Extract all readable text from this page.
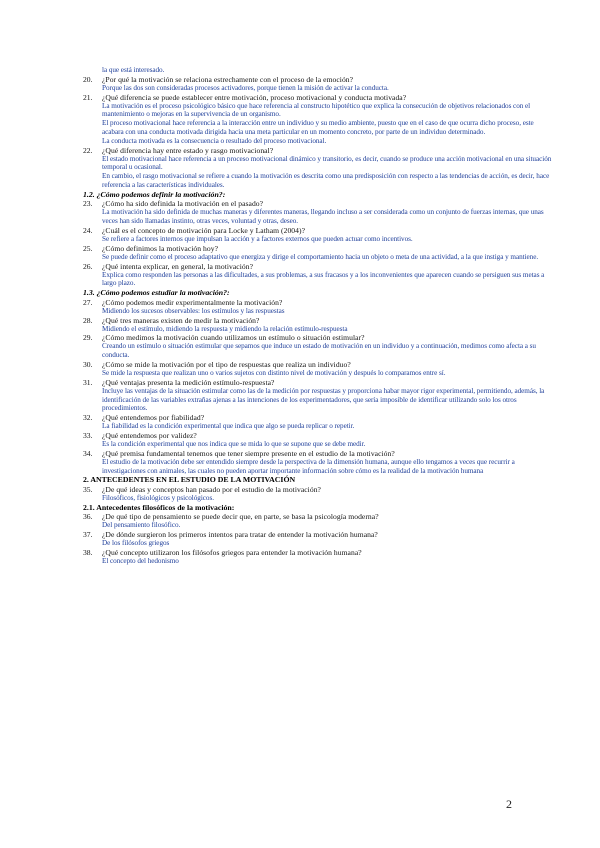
la que está interesado.
20. ¿Por qué la motivación se relaciona estrechamente con el proceso de la emoción?
Porque las dos son consideradas procesos activadores, porque tienen la misión de activar la conducta.
21. ¿Qué diferencia se puede establecer entre motivación, proceso motivacional y conducta motivada?
La motivación es el proceso psicológico básico que hace referencia al constructo hipotético que explica la consecución de objetivos relacionados con el mantenimiento o mejoras en la supervivencia de un organismo.
El proceso motivacional hace referencia a la interacción entre un individuo y su medio ambiente, puesto que en el caso de que ocurra dicho proceso, este acabara con una conducta motivada dirigida hacia una meta particular en un momento concreto, por parte de un individuo determinado.
La conducta motivada es la consecuencia o resultado del proceso motivacional.
22. ¿Qué diferencia hay entre estado y rasgo motivacional?
El estado motivacional hace referencia a un proceso motivacional dinámico y transitorio, es decir, cuando se produce una acción motivacional en una situación temporal u ocasional.
En cambio, el rasgo motivacional se refiere a cuando la motivación es descrita como una predisposición con respecto a las tendencias de acción, es decir, hace referencia a las características individuales.
1.2. ¿Cómo podemos definir la motivación?:
23. ¿Cómo ha sido definida la motivación en el pasado?
La motivación ha sido definida de muchas maneras y diferentes maneras, llegando incluso a ser considerada como un conjunto de fuerzas internas, que unas veces han sido llamadas instinto, otras veces, voluntad y otras, deseo.
24. ¿Cuál es el concepto de motivación para Locke y Latham (2004)?
Se refiere a factores internos que impulsan la acción y a factores externos que pueden actuar como incentivos.
25. ¿Cómo definimos la motivación hoy?
Se puede definir como el proceso adaptativo que energiza y dirige el comportamiento hacia un objeto o meta de una actividad, a la que instiga y mantiene.
26. ¿Qué intenta explicar, en general, la motivación?
Explica como responden las personas a las dificultades, a sus problemas, a sus fracasos y a los inconvenientes que aparecen cuando se persiguen sus metas a largo plazo.
1.3. ¿Cómo podemos estudiar la motivación?:
27. ¿Cómo podemos medir experimentalmente la motivación?
Midiendo los sucesos observables: los estímulos y las respuestas
28. ¿Qué tres maneras existen de medir la motivación?
Midiendo el estímulo, midiendo la respuesta y midiendo la relación estímulo-respuesta
29. ¿Cómo medimos la motivación cuando utilizamos un estímulo o situación estimular?
Creando un estímulo o situación estimular que sepamos que induce un estado de motivación en un individuo y a continuación, medimos como afecta a su conducta.
30. ¿Cómo se mide la motivación por el tipo de respuestas que realiza un individuo?
Se mide la respuesta que realizan uno o varios sujetos con distinto nivel de motivación y después lo comparamos entre sí.
31. ¿Qué ventajas presenta la medición estímulo-respuesta?
Incluye las ventajas de la situación estimular como las de la medición por respuestas y proporciona habar mayor rigor experimental, permitiendo, además, la identificación de las variables extrañas ajenas a las intenciones de los experimentadores, que sería imposible de identificar utilizando solo los otros procedimientos.
32. ¿Qué entendemos por fiabilidad?
La fiabilidad es la condición experimental que indica que algo se pueda replicar o repetir.
33. ¿Qué entendemos por validez?
Es la condición experimental que nos indica que se mida lo que se supone que se debe medir.
34. ¿Qué premisa fundamental tenemos que tener siempre presente en el estudio de la motivación?
El estudio de la motivación debe ser entendido siempre desde la perspectiva de la dimensión humana, aunque ello tengamos a veces que recurrir a investigaciones con animales, las cuales no pueden aportar importante información sobre cómo es la realidad de la motivación humana
2. ANTECEDENTES EN EL ESTUDIO DE LA MOTIVACIÓN
35. ¿De qué ideas y conceptos han pasado por el estudio de la motivación?
Filosóficos, fisiológicos y psicológicos.
2.1. Antecedentes filosóficos de la motivación:
36. ¿De qué tipo de pensamiento se puede decir que, en parte, se basa la psicología moderna?
Del pensamiento filosófico.
37. ¿De dónde surgieron los primeros intentos para tratar de entender la motivación humana?
De los filósofos griegos
38. ¿Qué concepto utilizaron los filósofos griegos para entender la motivación humana?
El concepto del hedonismo
2
